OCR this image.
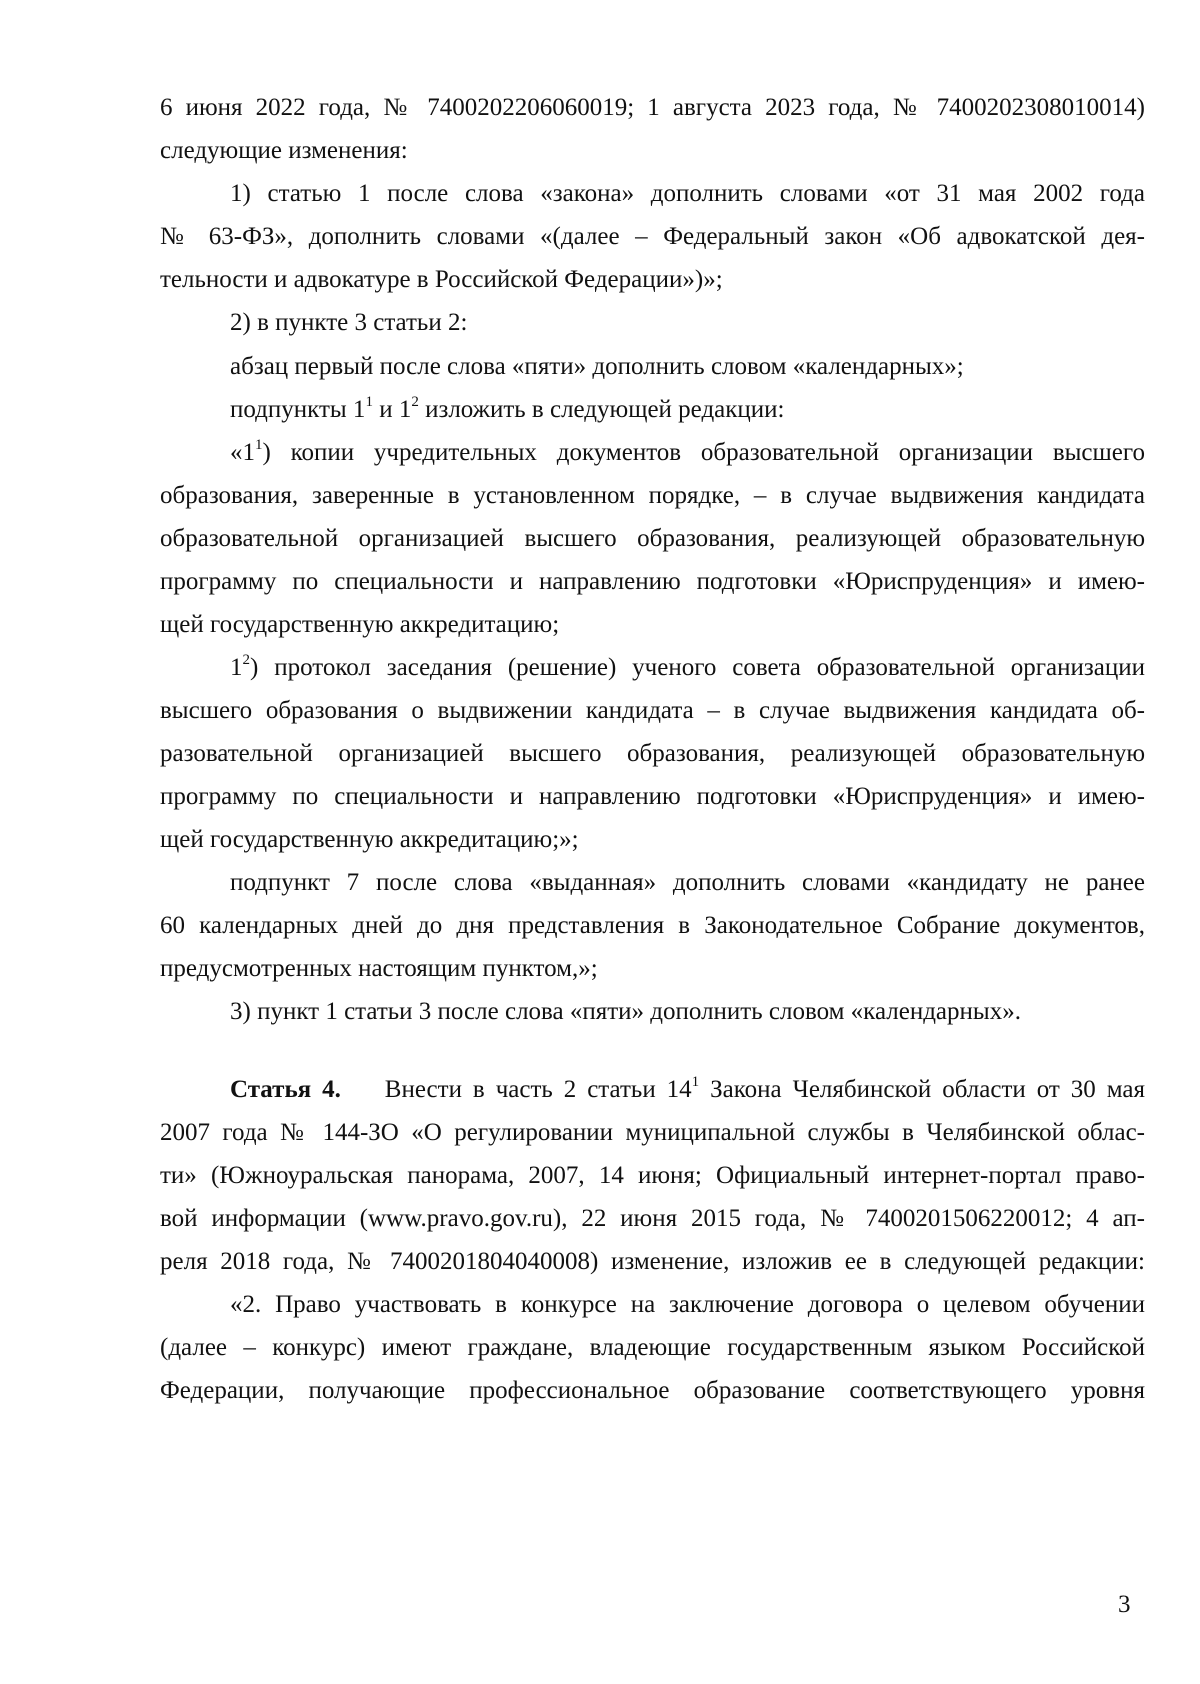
6 июня 2022 года, № 7400202206060019; 1 августа 2023 года, № 7400202308010014)
следующие изменения:
1) статью 1 после слова «закона» дополнить словами «от 31 мая 2002 года
№ 63-ФЗ», дополнить словами «(далее – Федеральный закон «Об адвокатской дея-
тельности и адвокатуре в Российской Федерации»)»;
2) в пункте 3 статьи 2:
абзац первый после слова «пяти» дополнить словом «календарных»;
подпункты $1^1$ и $1^2$ изложить в следующей редакции:
«$1^1$) копии учредительных документов образовательной организации высшего
образования, заверенные в установленном порядке, – в случае выдвижения кандидата
образовательной организацией высшего образования, реализующей образовательную
программу по специальности и направлению подготовки «Юриспруденция» и имею-
щей государственную аккредитацию;
$1^2$) протокол заседания (решение) ученого совета образовательной организации
высшего образования о выдвижении кандидата – в случае выдвижения кандидата об-
разовательной организацией высшего образования, реализующей образовательную
программу по специальности и направлению подготовки «Юриспруденция» и имею-
щей государственную аккредитацию;»;
подпункт 7 после слова «выданная» дополнить словами «кандидату не ранее
60 календарных дней до дня представления в Законодательное Собрание документов,
предусмотренных настоящим пунктом,»;
3) пункт 1 статьи 3 после слова «пяти» дополнить словом «календарных».
Статья 4. Внести в часть 2 статьи $14^1$ Закона Челябинской области от 30 мая
2007 года № 144-ЗО «О регулировании муниципальной службы в Челябинской облас-
ти» (Южноуральская панорама, 2007, 14 июня; Официальный интернет-портал право-
вой информации (www.pravo.gov.ru), 22 июня 2015 года, № 7400201506220012; 4 ап-
реля 2018 года, № 7400201804040008) изменение, изложив ее в следующей редакции:
«2. Право участвовать в конкурсе на заключение договора о целевом обучении
(далее – конкурс) имеют граждане, владеющие государственным языком Российской
Федерации, получающие профессиональное образование соответствующего уровня
3
